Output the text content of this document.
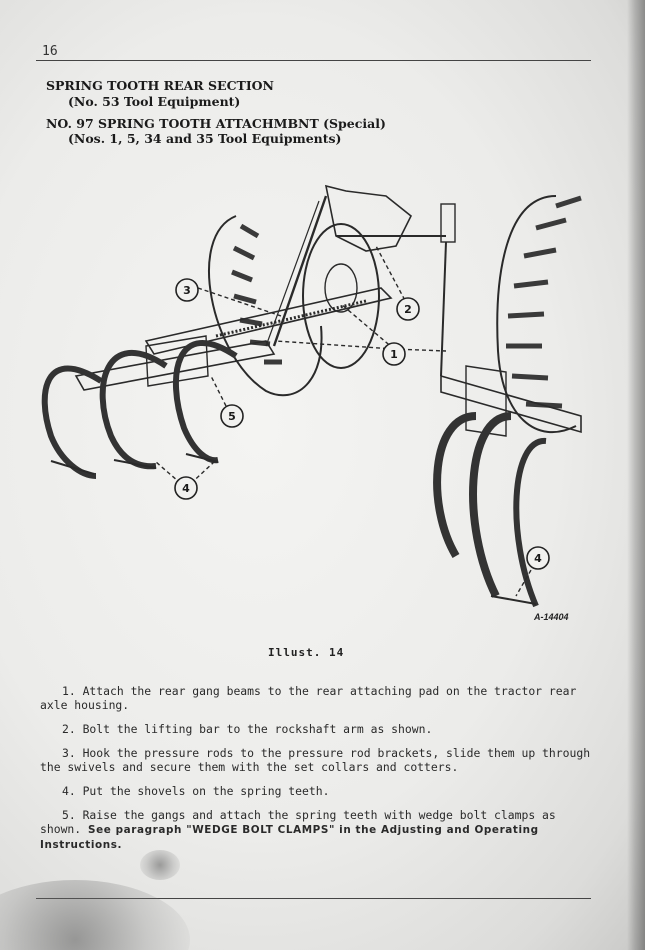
16
SPRING TOOTH REAR SECTION
(No. 53 Tool Equipment)
NO. 97 SPRING TOOTH ATTACHMBNT (Special)
(Nos. 1, 5, 34 and 35 Tool Equipments)
1
2
3
4
4
5
A-14404
Illust. 14

1. Attach the rear gang beams to the rear attaching pad on the tractor rear axle housing.

2. Bolt the lifting bar to the rockshaft arm as shown.

3. Hook the pressure rods to the pressure rod brackets, slide them up through the swivels and secure them with the set collars and cotters.

4. Put the shovels on the spring teeth.

5. Raise the gangs and attach the spring teeth with wedge bolt clamps as shown. See paragraph "WEDGE BOLT CLAMPS" in the Adjusting and Operating Instructions.
